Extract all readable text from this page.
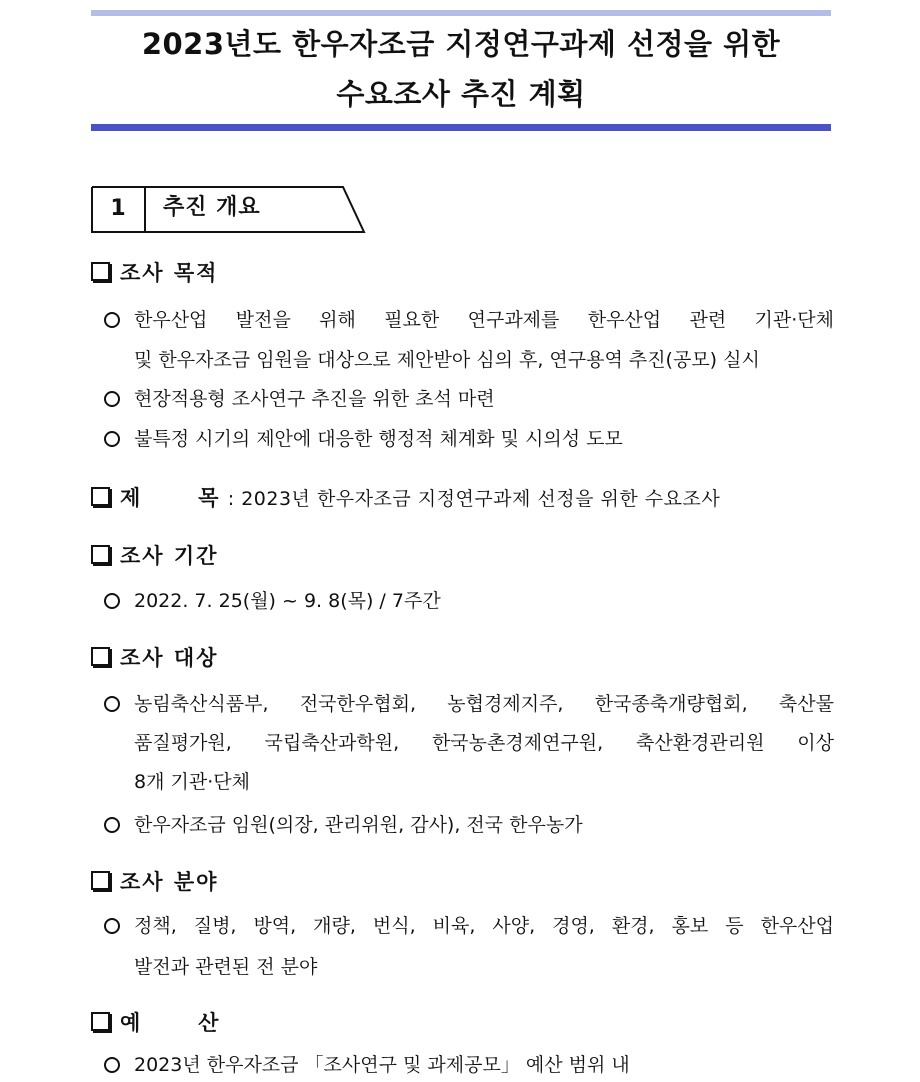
2023년도 한우자조금 지정연구과제 선정을 위한
수요조사 추진 계획
1	추진 개요
조사 목적
한우산업 발전을 위해 필요한 연구과제를 한우산업 관련 기관·단체
및 한우자조금 임원을 대상으로 제안받아 심의 후, 연구용역 추진(공모) 실시
현장적용형 조사연구 추진을 위한 초석 마련
불특정 시기의 제안에 대응한 행정적 체계화 및 시의성 도모
제      목 : 2023년 한우자조금 지정연구과제 선정을 위한 수요조사
조사 기간
2022. 7. 25(월) ~ 9. 8(목) / 7주간
조사 대상
농림축산식품부, 전국한우협회, 농협경제지주, 한국종축개량협회, 축산물
품질평가원, 국립축산과학원, 한국농촌경제연구원, 축산환경관리원 이상
8개 기관·단체
한우자조금 임원(의장, 관리위원, 감사), 전국 한우농가
조사 분야
정책, 질병, 방역, 개량, 번식, 비육, 사양, 경영, 환경, 홍보 등 한우산업
발전과 관련된 전 분야
예      산
2023년 한우자조금 「조사연구 및 과제공모」 예산 범위 내
